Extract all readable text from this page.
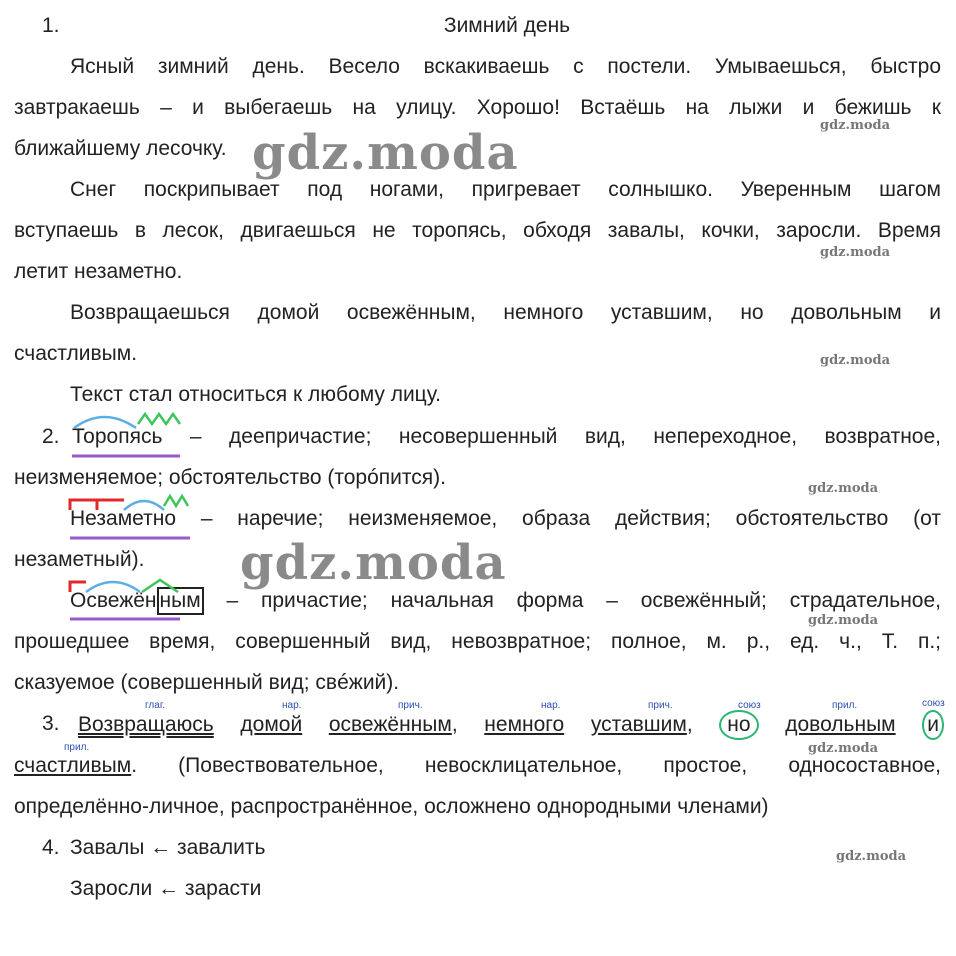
1.	Зимний день
Ясный зимний день. Весело вскакиваешь с постели. Умываешься, быстро
завтракаешь – и выбегаешь на улицу. Хорошо! Встаёшь на лыжи и бежишь к
ближайшему лесочку.
Снег поскрипывает под ногами, пригревает солнышко. Уверенным шагом
вступаешь в лесок, двигаешься не торопясь, обходя завалы, кочки, заросли. Время
летит незаметно.
Возвращаешься домой освежённым, немного уставшим, но довольным и
счастливым.
Текст стал относиться к любому лицу.
2. Торопясь – деепричастие; несовершенный вид, непереходное, возвратное,
неизменяемое; обстоятельство (торóпится).
Незаметно – наречие; неизменяемое, образа действия; обстоятельство (от
незаметный).
Освежён ным – причастие; начальная форма – освежённый; страдательное,
прошедшее время, совершенный вид, невозвратное; полное, м. р., ед. ч., Т. п.;
сказуемое (совершенный вид; свéжий).
3. Возвращаюсь домой освежённым, немного уставшим, но довольным и
глаг.	нар.	прич.	нар.	прич.	союз	прил.	союз
прил.
счастливым. (Повествовательное, невосклицательное, простое, односоставное,
определённо-личное, распространённое, осложнено однородными членами)
4. Завалы ← завалить
Заросли ← зарасти
gdz.moda
gdz.moda
gdz.moda
gdz.moda
gdz.moda
gdz.moda
gdz.moda
gdz.moda
gdz.moda
